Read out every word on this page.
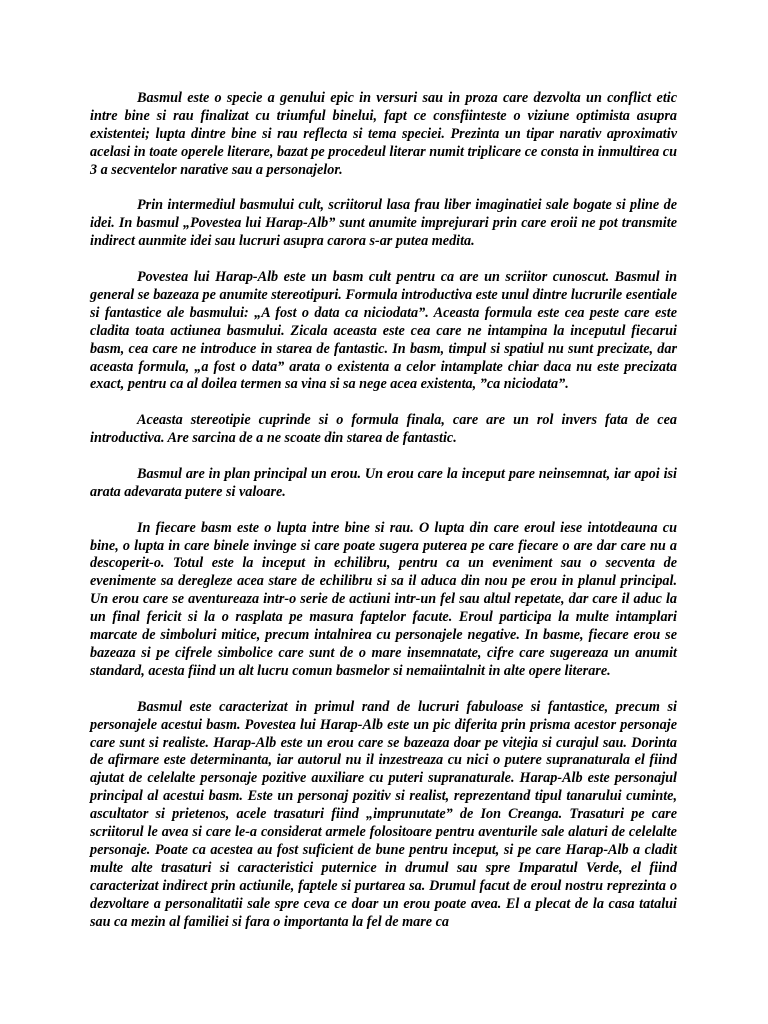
Basmul este o specie a genului epic in versuri sau in proza care dezvolta un conflict etic intre bine si rau finalizat cu triumful binelui, fapt ce consfiinteste o viziune optimista asupra existentei; lupta dintre bine si rau reflecta si tema speciei. Prezinta un tipar narativ aproximativ acelasi in toate operele literare, bazat pe procedeul literar numit triplicare ce consta in inmultirea cu 3 a secventelor narative sau a personajelor.

Prin intermediul basmului cult, scriitorul lasa frau liber imaginatiei sale bogate si pline de idei. In basmul „Povestea lui Harap-Alb” sunt anumite imprejurari prin care eroii ne pot transmite indirect aunmite idei sau lucruri asupra carora s-ar putea medita.

Povestea lui Harap-Alb este un basm cult pentru ca are un scriitor cunoscut. Basmul in general se bazeaza pe anumite stereotipuri. Formula introductiva este unul dintre lucrurile esentiale si fantastice ale basmului: „A fost o data ca niciodata”. Aceasta formula este cea peste care este cladita toata actiunea basmului. Zicala aceasta este cea care ne intampina la inceputul fiecarui basm, cea care ne introduce in starea de fantastic. In basm, timpul si spatiul nu sunt precizate, dar aceasta formula, „a fost o data” arata o existenta a celor intamplate chiar daca nu este precizata exact, pentru ca al doilea termen sa vina si sa nege acea existenta, ”ca niciodata”.

Aceasta stereotipie cuprinde si o formula finala, care are un rol invers fata de cea introductiva. Are sarcina de a ne scoate din starea de fantastic.

Basmul are in plan principal un erou. Un erou care la inceput pare neinsemnat, iar apoi isi arata adevarata putere si valoare.

In fiecare basm este o lupta intre bine si rau. O lupta din care eroul iese intotdeauna cu bine, o lupta in care binele invinge si care poate sugera puterea pe care fiecare o are dar care nu a descoperit-o. Totul este la inceput in echilibru, pentru ca un eveniment sau o secventa de evenimente sa deregleze acea stare de echilibru si sa il aduca din nou pe erou in planul principal. Un erou care se aventureaza intr-o serie de actiuni intr-un fel sau altul repetate, dar care il aduc la un final fericit si la o rasplata pe masura faptelor facute. Eroul participa la multe intamplari marcate de simboluri mitice, precum intalnirea cu personajele negative. In basme, fiecare erou se bazeaza si pe cifrele simbolice care sunt de o mare insemnatate, cifre care sugereaza un anumit standard, acesta fiind un alt lucru comun basmelor si nemaiintalnit in alte opere literare.

Basmul este caracterizat in primul rand de lucruri fabuloase si fantastice, precum si personajele acestui basm. Povestea lui Harap-Alb este un pic diferita prin prisma acestor personaje care sunt si realiste. Harap-Alb este un erou care se bazeaza doar pe vitejia si curajul sau. Dorinta de afirmare este determinanta, iar autorul nu il inzestreaza cu nici o putere supranaturala el fiind ajutat de celelalte personaje pozitive auxiliare cu puteri supranaturale. Harap-Alb este personajul principal al acestui basm. Este un personaj pozitiv si realist, reprezentand tipul tanarului cuminte, ascultator si prietenos, acele trasaturi fiind „imprunutate” de Ion Creanga. Trasaturi pe care scriitorul le avea si care le-a considerat armele folositoare pentru aventurile sale alaturi de celelalte personaje. Poate ca acestea au fost suficient de bune pentru inceput, si pe care Harap-Alb a cladit multe alte trasaturi si caracteristici puternice in drumul sau spre Imparatul Verde, el fiind caracterizat indirect prin actiunile, faptele si purtarea sa. Drumul facut de eroul nostru reprezinta o dezvoltare a personalitatii sale spre ceva ce doar un erou poate avea. El a plecat de la casa tatalui sau ca mezin al familiei si fara o importanta la fel de mare ca
